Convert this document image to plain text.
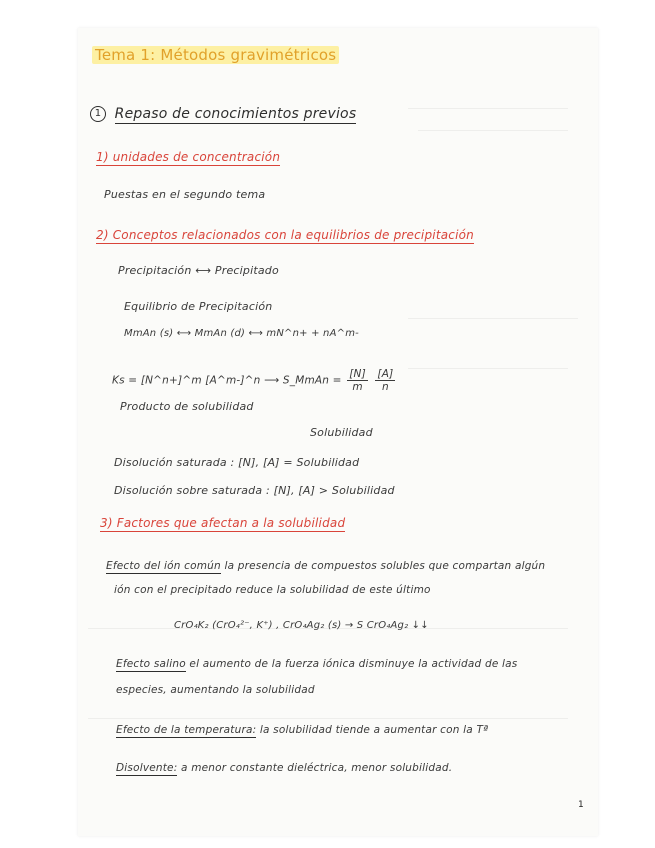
Tema 1: Métodos gravimétricos
1 Repaso de conocimientos previos
1) unidades de concentración
Puestas en el segundo tema
2) Conceptos relacionados con la equilibrios de precipitación
Precipitación ⟷ Precipitado
Equilibrio de Precipitación
MmAn (s) ⟷ MmAn (d) ⟷ mN^n+ + nA^m-
Ks = [N^n+]^m [A^m-]^n ⟶ S_MmAn = $\frac{[N]}{m}$
$\frac{[A]}{n}$
Producto de solubilidad
Solubilidad
Disolución saturada : [N], [A] = Solubilidad
Disolución sobre saturada : [N], [A] > Solubilidad
3) Factores que afectan a la solubilidad
Efecto del ión común la presencia de compuestos solubles que compartan algún
ión con el precipitado reduce la solubilidad de este último
CrO₄K₂ (CrO₄²⁻, K⁺) , CrO₄Ag₂ (s) → S CrO₄Ag₂ ↓↓
Efecto salino el aumento de la fuerza iónica disminuye la actividad de las
especies, aumentando la solubilidad
Efecto de la temperatura: la solubilidad tiende a aumentar con la Tª
Disolvente: a menor constante dieléctrica, menor solubilidad.
1
